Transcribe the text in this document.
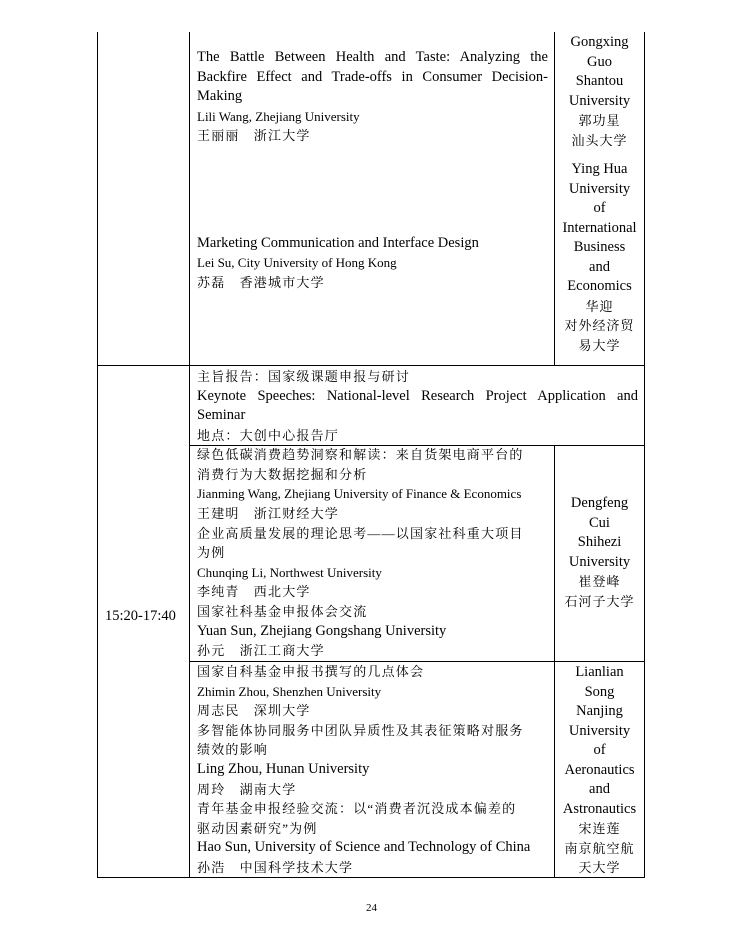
The Battle Between Health and Taste: Analyzing the
Backfire Effect and Trade-offs in Consumer Decision-
Making
Lili Wang, Zhejiang University
王丽丽　浙江大学
Marketing Communication and Interface Design
Lei Su, City University of Hong Kong
苏磊　香港城市大学
Gongxing
Guo
Shantou
University
郭功星
汕头大学
Ying Hua
University
of
International
Business
and
Economics
华迎
对外经济贸
易大学
15:20-17:40
主旨报告：国家级课题申报与研讨
Keynote Speeches: National-level Research Project Application and
Seminar
地点：大创中心报告厅
绿色低碳消费趋势洞察和解读：来自货架电商平台的
消费行为大数据挖掘和分析
Jianming Wang, Zhejiang University of Finance & Economics
王建明　浙江财经大学
企业高质量发展的理论思考——以国家社科重大项目
为例
Chunqing Li, Northwest University
李纯青　西北大学
国家社科基金申报体会交流
Yuan Sun, Zhejiang Gongshang University
孙元　浙江工商大学
Dengfeng
Cui
Shihezi
University
崔登峰
石河子大学
国家自科基金申报书撰写的几点体会
Zhimin Zhou, Shenzhen University
周志民　深圳大学
多智能体协同服务中团队异质性及其表征策略对服务
绩效的影响
Ling Zhou, Hunan University
周玲　湖南大学
青年基金申报经验交流：以“消费者沉没成本偏差的
驱动因素研究”为例
Hao Sun, University of Science and Technology of China
孙浩　中国科学技术大学
Lianlian
Song
Nanjing
University
of
Aeronautics
and
Astronautics
宋连莲
南京航空航
天大学
24
